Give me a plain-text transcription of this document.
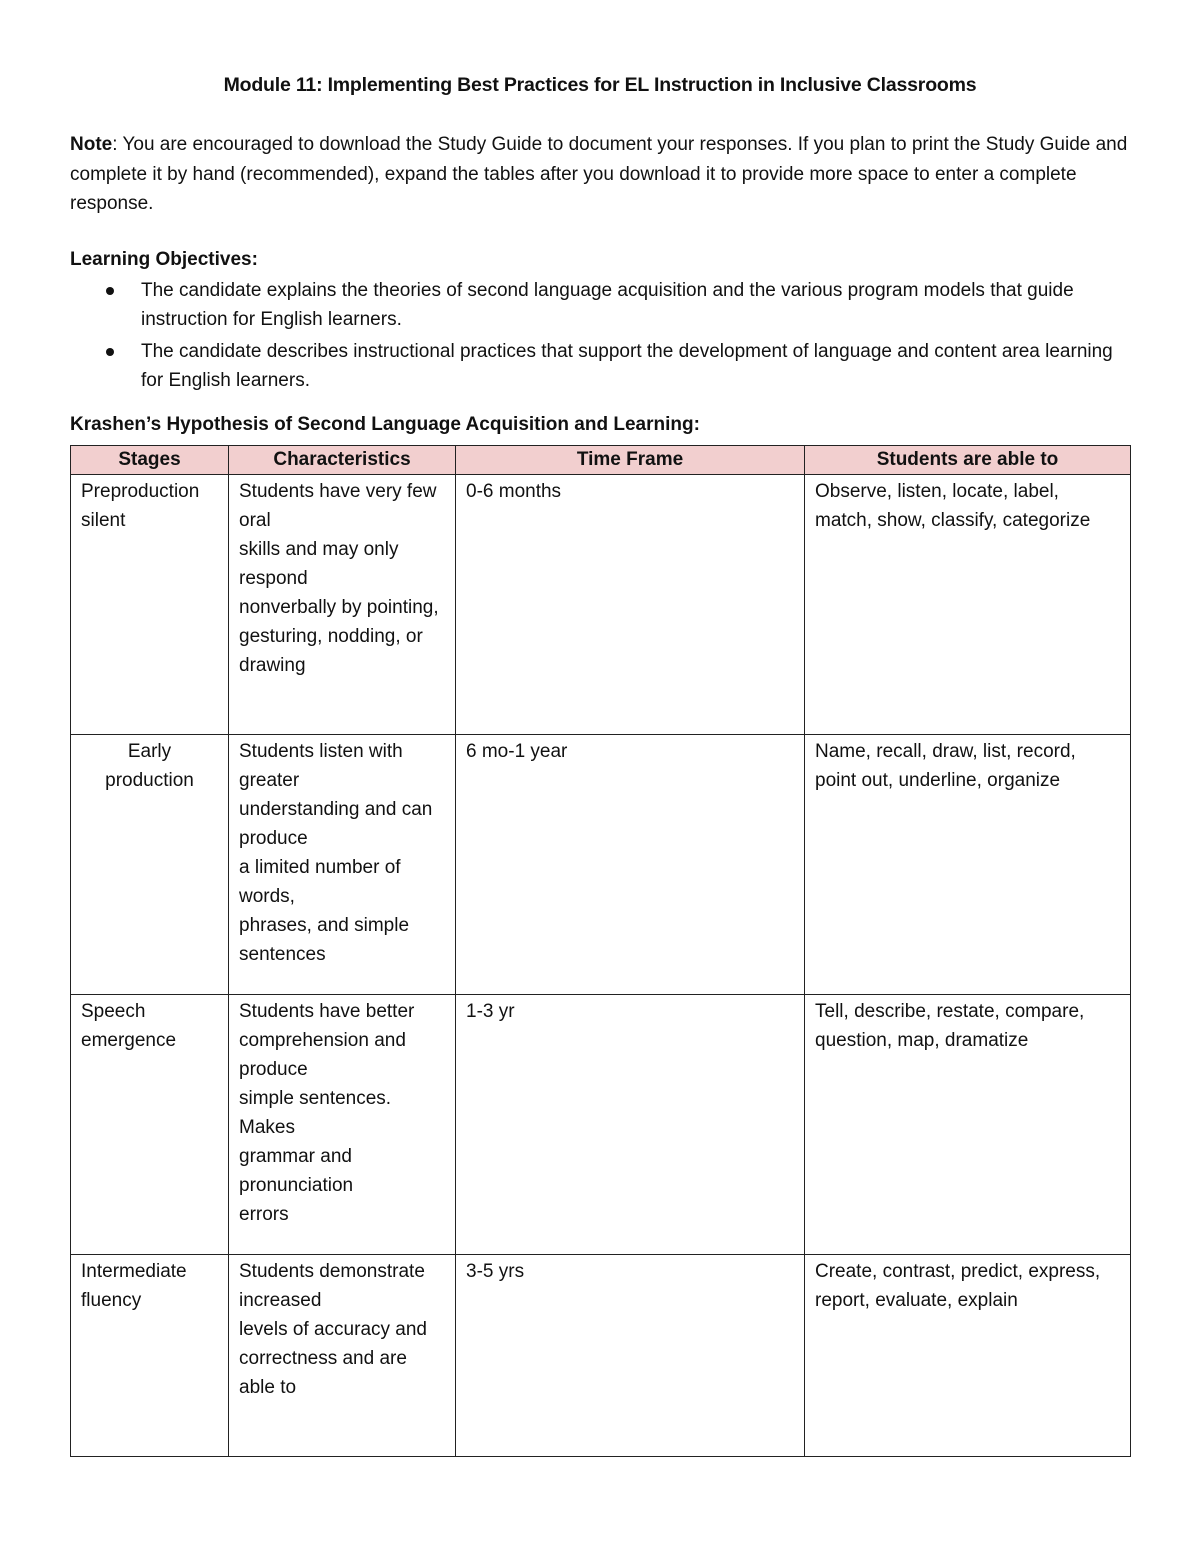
Module 11: Implementing Best Practices for EL Instruction in Inclusive Classrooms
Note: You are encouraged to download the Study Guide to document your responses. If you plan to print the Study Guide and complete it by hand (recommended), expand the tables after you download it to provide more space to enter a complete response.
Learning Objectives:
The candidate explains the theories of second language acquisition and the various program models that guide instruction for English learners.
The candidate describes instructional practices that support the development of language and content area learning for English learners.
Krashen’s Hypothesis of Second Language Acquisition and Learning:
Stages	Characteristics	Time Frame	Students are able to
Preproduction silent	Students have very few oral
skills and may only respond
nonverbally by pointing,
gesturing, nodding, or drawing	0-6 months	Observe, listen, locate, label, match, show, classify, categorize
Early production	Students listen with greater
understanding and can produce
a limited number of words,
phrases, and simple sentences	6 mo-1 year	Name, recall, draw, list, record, point out, underline, organize
Speech emergence	Students have better comprehension and produce
simple sentences. Makes
grammar and pronunciation
errors	1-3 yr	Tell, describe, restate, compare, question, map, dramatize
Intermediate fluency	Students demonstrate increased
levels of accuracy and
correctness and are able to	3-5 yrs	Create, contrast, predict, express, report, evaluate, explain
